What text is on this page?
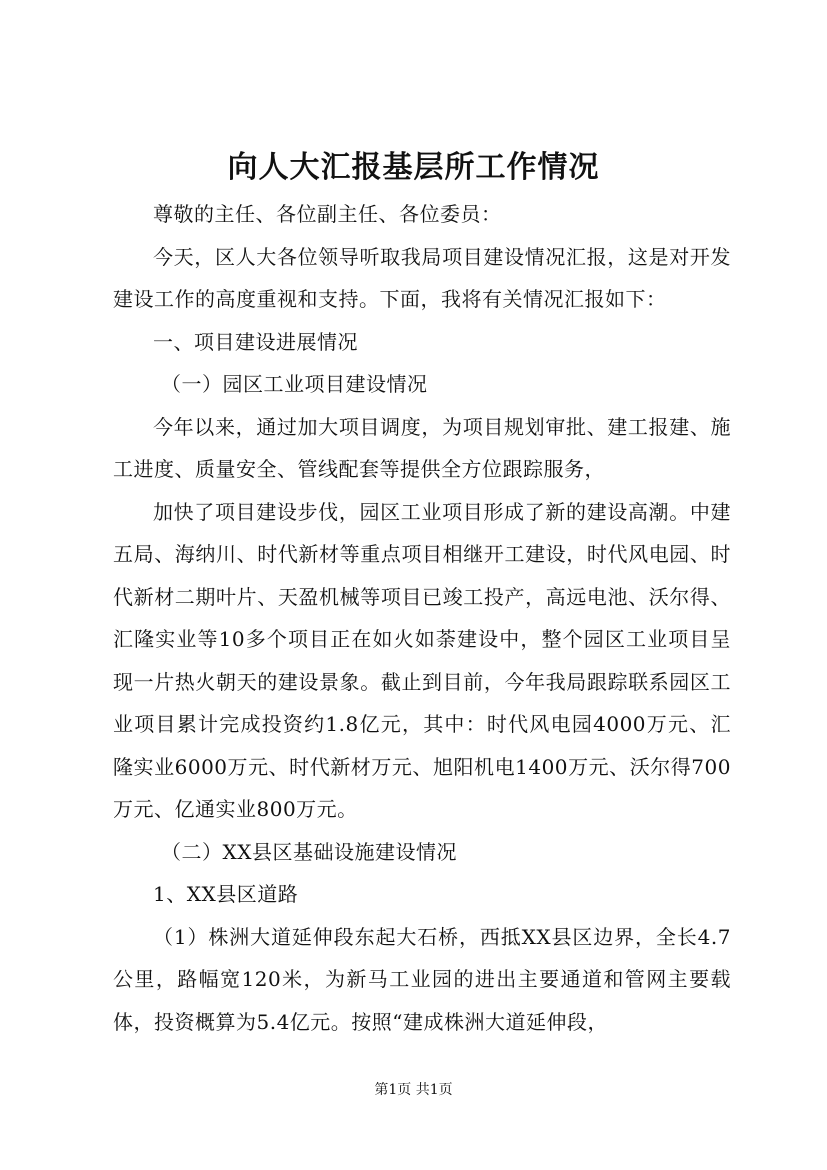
向人大汇报基层所工作情况

尊敬的主任、各位副主任、各位委员：

今天，区人大各位领导听取我局项目建设情况汇报，这是对开发建设工作的高度重视和支持。下面，我将有关情况汇报如下：

一、项目建设进展情况

（一）园区工业项目建设情况

今年以来，通过加大项目调度，为项目规划审批、建工报建、施工进度、质量安全、管线配套等提供全方位跟踪服务，

加快了项目建设步伐，园区工业项目形成了新的建设高潮。中建五局、海纳川、时代新材等重点项目相继开工建设，时代风电园、时代新材二期叶片、天盈机械等项目已竣工投产，高远电池、沃尔得、汇隆实业等10多个项目正在如火如荼建设中，整个园区工业项目呈现一片热火朝天的建设景象。截止到目前，今年我局跟踪联系园区工业项目累计完成投资约1.8亿元，其中：时代风电园4000万元、汇隆实业6000万元、时代新材万元、旭阳机电1400万元、沃尔得700万元、亿通实业800万元。

（二）XX县区基础设施建设情况

1、XX县区道路

（1）株洲大道延伸段东起大石桥，西抵XX县区边界，全长4.7公里，路幅宽120米，为新马工业园的进出主要通道和管网主要载体，投资概算为5.4亿元。按照“建成株洲大道延伸段，

第1页 共1页
